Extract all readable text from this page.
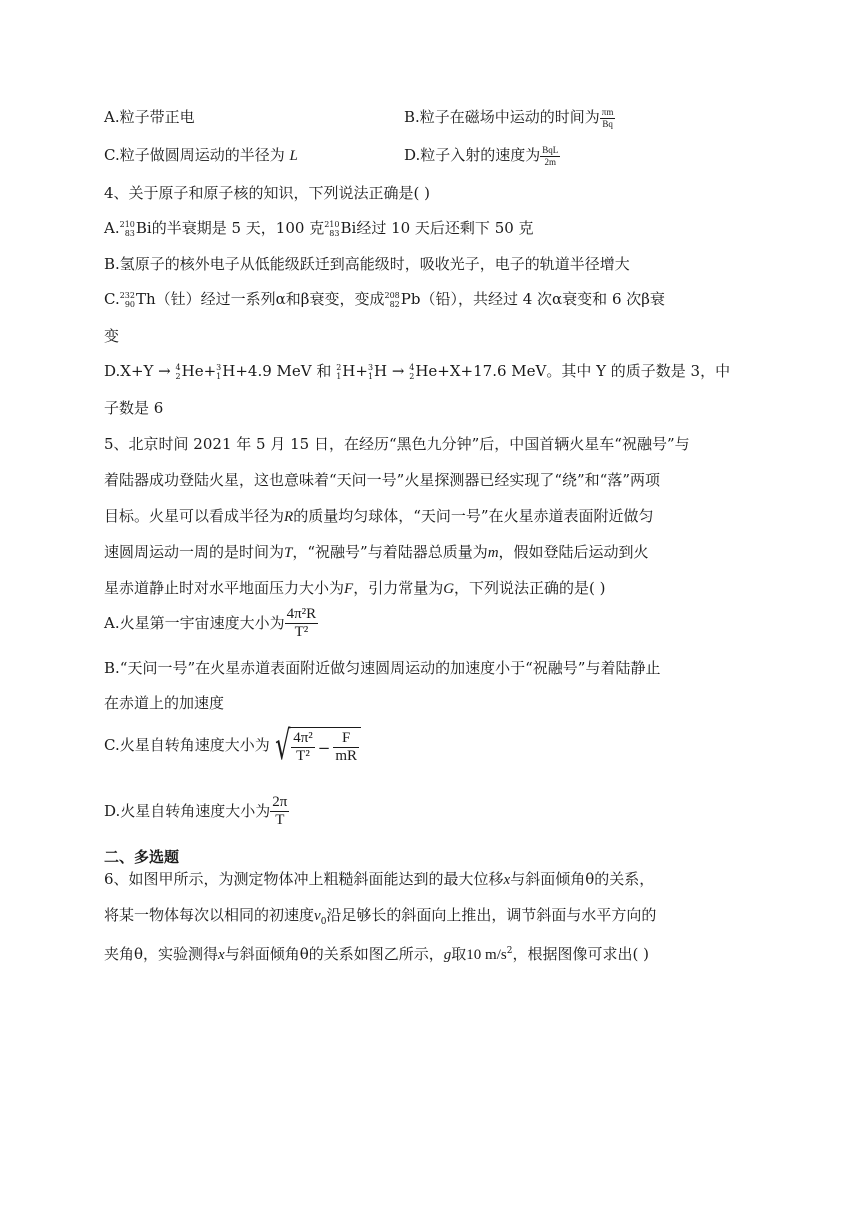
A.粒子带正电	B.粒子在磁场中运动的时间为 $\frac{\pi m}{Bq}$
C.粒子做圆周运动的半径为 L	D.粒子入射的速度为 $\frac{\text{BqL}}{2m}$
4、关于原子和原子核的知识，下列说法正确是( )
A. 210
83 Bi的半衰期是 5 天，100 克 210
83 Bi经过 10 天后还剩下 50 克
B.氢原子的核外电子从低能级跃迁到高能级时，吸收光子，电子的轨道半径增大
C. 232
90 Th（钍）经过一系列α和β衰变，变成 208
82 Pb（铅），共经过 4 次α衰变和 6 次β衰
变
D.X+Y → 4
2 He+ 3
1 H+4.9 MeV 和 2
1 H+ 3
1 H → 4
2 He+X+17.6 MeV。其中 Y 的质子数是 3，中
子数是 6
5、北京时间 2021 年 5 月 15 日，在经历“黑色九分钟”后，中国首辆火星车“祝融号”与
着陆器成功登陆火星，这也意味着“天问一号”火星探测器已经实现了“绕”和“落”两项
目标。火星可以看成半径为R的质量均匀球体，“天问一号”在火星赤道表面附近做匀
速圆周运动一周的是时间为T，“祝融号”与着陆器总质量为m，假如登陆后运动到火
星赤道静止时对水平地面压力大小为F，引力常量为G，下列说法正确的是( )
A.火星第一宇宙速度大小为 $\frac{\text{4π²R}}{\text{T²}}$
B.“天问一号”在火星赤道表面附近做匀速圆周运动的加速度小于“祝融号”与着陆静止
在赤道上的加速度
C.火星自转角速度大小为 √ $\frac{\text{4π²}}{\text{T²}} - \frac{F}{mR}$
D.火星自转角速度大小为 $\frac{2\pi}{T}$
二、多选题
6、如图甲所示，为测定物体冲上粗糙斜面能达到的最大位移x与斜面倾角θ的关系，
将某一物体每次以相同的初速度$v_0$沿足够长的斜面向上推出，调节斜面与水平方向的
夹角θ，实验测得x与斜面倾角θ的关系如图乙所示，g取10 $m/s^2$，根据图像可求出( )
